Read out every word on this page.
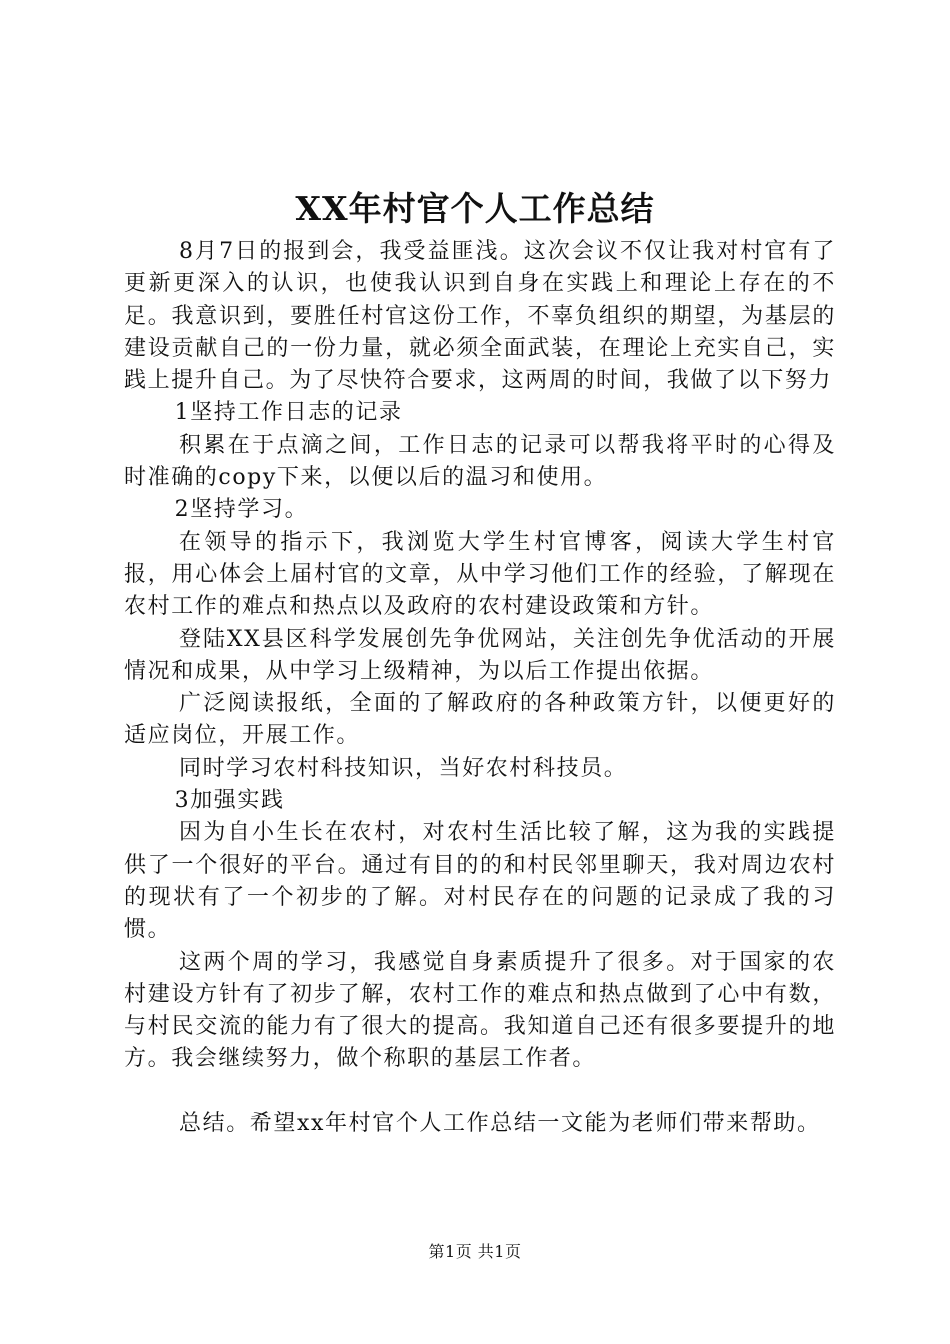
XX年村官个人工作总结

8月7日的报到会，我受益匪浅。这次会议不仅让我对村官有了更新更深入的认识，也使我认识到自身在实践上和理论上存在的不足。我意识到，要胜任村官这份工作，不辜负组织的期望，为基层的建设贡献自己的一份力量，就必须全面武装，在理论上充实自己，实践上提升自己。为了尽快符合要求，这两周的时间，我做了以下努力

1坚持工作日志的记录

积累在于点滴之间，工作日志的记录可以帮我将平时的心得及时准确的copy下来，以便以后的温习和使用。

2坚持学习。

在领导的指示下，我浏览大学生村官博客，阅读大学生村官报，用心体会上届村官的文章，从中学习他们工作的经验，了解现在农村工作的难点和热点以及政府的农村建设政策和方针。

登陆XX县区科学发展创先争优网站，关注创先争优活动的开展情况和成果，从中学习上级精神，为以后工作提出依据。

广泛阅读报纸，全面的了解政府的各种政策方针，以便更好的适应岗位，开展工作。

同时学习农村科技知识，当好农村科技员。

3加强实践

因为自小生长在农村，对农村生活比较了解，这为我的实践提供了一个很好的平台。通过有目的的和村民邻里聊天，我对周边农村的现状有了一个初步的了解。对村民存在的问题的记录成了我的习惯。

这两个周的学习，我感觉自身素质提升了很多。对于国家的农村建设方针有了初步了解，农村工作的难点和热点做到了心中有数，与村民交流的能力有了很大的提高。我知道自己还有很多要提升的地方。我会继续努力，做个称职的基层工作者。

总结。希望xx年村官个人工作总结一文能为老师们带来帮助。

第1页 共1页
